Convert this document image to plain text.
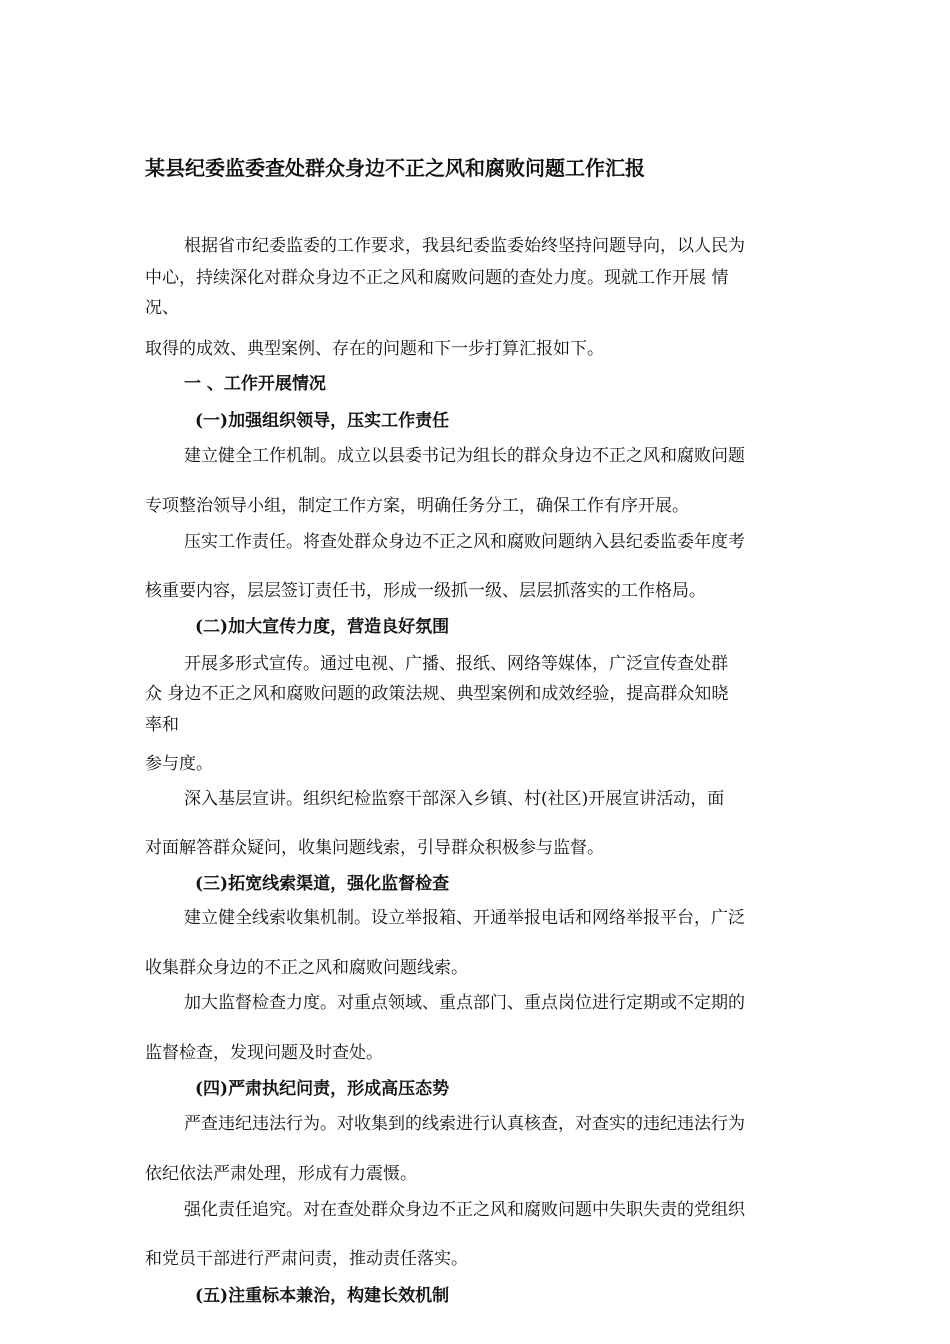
某县纪委监委查处群众身边不正之风和腐败问题工作汇报

根据省市纪委监委的工作要求，我县纪委监委始终坚持问题导向，以人民为

中心，持续深化对群众身边不正之风和腐败问题的查处力度。现就工作开展 情

况、

取得的成效、典型案例、存在的问题和下一步打算汇报如下。

一 、工作开展情况

(一)加强组织领导，压实工作责任

建立健全工作机制。成立以县委书记为组长的群众身边不正之风和腐败问题

专项整治领导小组，制定工作方案，明确任务分工，确保工作有序开展。

压实工作责任。将查处群众身边不正之风和腐败问题纳入县纪委监委年度考

核重要内容，层层签订责任书，形成一级抓一级、层层抓落实的工作格局。

(二)加大宣传力度，营造良好氛围

开展多形式宣传。通过电视、广播、报纸、网络等媒体，广泛宣传查处群

众 身边不正之风和腐败问题的政策法规、典型案例和成效经验，提高群众知晓

率和

参与度。

深入基层宣讲。组织纪检监察干部深入乡镇、村(社区)开展宣讲活动，面

对面解答群众疑问，收集问题线索，引导群众积极参与监督。

(三)拓宽线索渠道，强化监督检查

建立健全线索收集机制。设立举报箱、开通举报电话和网络举报平台，广泛

收集群众身边的不正之风和腐败问题线索。

加大监督检查力度。对重点领域、重点部门、重点岗位进行定期或不定期的

监督检查，发现问题及时查处。

(四)严肃执纪问责，形成高压态势

严查违纪违法行为。对收集到的线索进行认真核查，对查实的违纪违法行为

依纪依法严肃处理，形成有力震慑。

强化责任追究。对在查处群众身边不正之风和腐败问题中失职失责的党组织

和党员干部进行严肃问责，推动责任落实。

(五)注重标本兼治，构建长效机制
